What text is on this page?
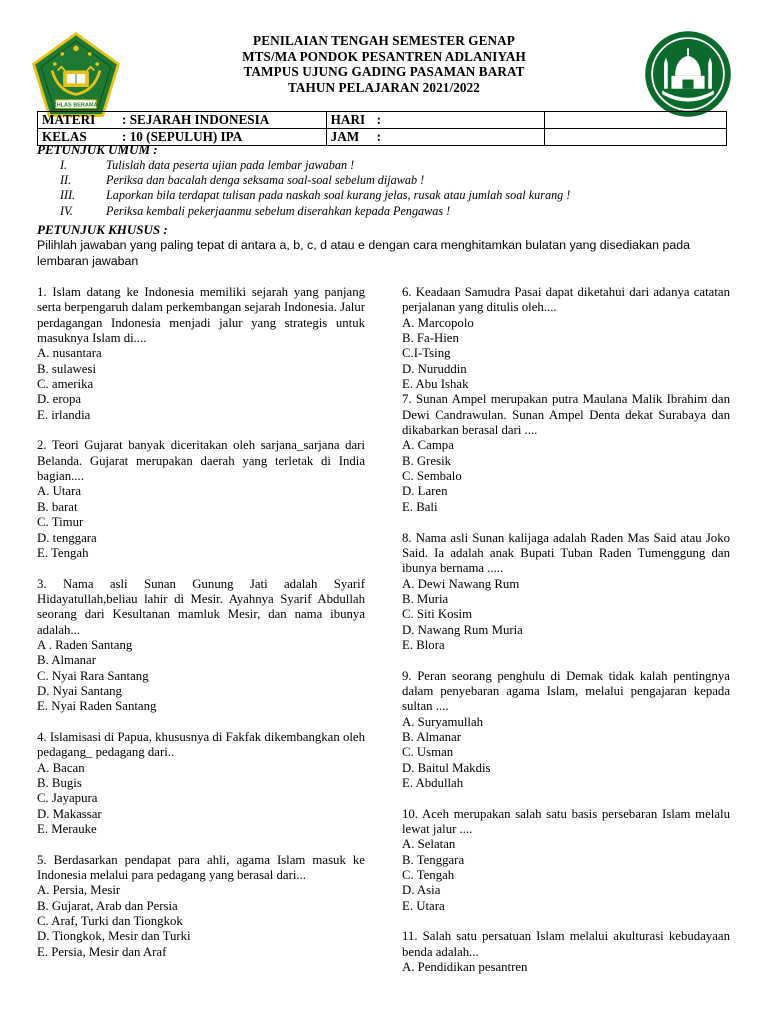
IKHLAS BERAMAL
PENILAIAN TENGAH SEMESTER GENAP
MTS/MA PONDOK PESANTREN ADLANIYAH
TAMPUS UJUNG GADING PASAMAN BARAT
TAHUN PELAJARAN 2021/2022
MATERI : SEJARAH INDONESIA	HARI :	
KELAS : 10 (SEPULUH) IPA	JAM :	
PETUNJUK UMUM :
I.	Tulislah data peserta ujian pada lembar jawaban !
II.	Periksa dan bacalah denga seksama soal-soal sebelum dijawab !
III.	Laporkan bila terdapat tulisan pada naskah soal kurang jelas, rusak atau jumlah soal kurang !
IV.	Periksa kembali pekerjaanmu sebelum diserahkan kepada Pengawas !
PETUNJUK KHUSUS :
Pilihlah jawaban yang paling tepat di antara a, b, c, d atau e dengan cara menghitamkan bulatan yang disediakan pada lembaran jawaban
1. Islam datang ke Indonesia memiliki sejarah yang panjang serta berpengaruh dalam perkembangan sejarah Indonesia. Jalur perdagangan Indonesia menjadi jalur yang strategis untuk masuknya Islam di....
A. nusantara
B. sulawesi
C. amerika
D. eropa
E. irlandia
2. Teori Gujarat banyak diceritakan oleh sarjana_sarjana dari Belanda. Gujarat merupakan daerah yang terletak di India bagian....
A. Utara
B. barat
C. Timur
D. tenggara
E. Tengah
3. Nama asli Sunan Gunung Jati adalah Syarif Hidayatullah,beliau lahir di Mesir. Ayahnya Syarif Abdullah seorang dari Kesultanan mamluk Mesir, dan nama ibunya adalah...
A . Raden Santang
B. Almanar
C. Nyai Rara Santang
D. Nyai Santang
E. Nyai Raden Santang
4. Islamisasi di Papua, khususnya di Fakfak dikembangkan oleh pedagang_ pedagang dari..
A. Bacan
B. Bugis
C. Jayapura
D. Makassar
E. Merauke
5. Berdasarkan pendapat para ahli, agama Islam masuk ke Indonesia melalui para pedagang yang berasal dari...
A. Persia, Mesir
B. Gujarat, Arab dan Persia
C. Araf, Turki dan Tiongkok
D. Tiongkok, Mesir dan Turki
E. Persia, Mesir dan Araf
6. Keadaan Samudra Pasai dapat diketahui dari adanya catatan perjalanan yang ditulis oleh....
A. Marcopolo
B. Fa-Hien
C.I-Tsing
D. Nuruddin
E. Abu Ishak
7. Sunan Ampel merupakan putra Maulana Malik Ibrahim dan Dewi Candrawulan. Sunan Ampel Denta dekat Surabaya dan dikabarkan berasal dari ....
A. Campa
B. Gresik
C. Sembalo
D. Laren
E. Bali
8. Nama asli Sunan kalijaga adalah Raden Mas Said atau Joko Said. Ia adalah anak Bupati Tuban Raden Tumenggung dan ibunya bernama .....
A. Dewi Nawang Rum
B. Muria
C. Siti Kosim
D. Nawang Rum Muria
E. Blora
9. Peran seorang penghulu di Demak tidak kalah pentingnya dalam penyebaran agama Islam, melalui pengajaran kepada sultan ....
A. Suryamullah
B. Almanar
C. Usman
D. Baitul Makdis
E. Abdullah
10. Aceh merupakan salah satu basis persebaran Islam melalu lewat jalur ....
A. Selatan
B. Tenggara
C. Tengah
D. Asia
E. Utara
11. Salah satu persatuan Islam melalui akulturasi kebudayaan benda adalah...
A. Pendidikan pesantren
